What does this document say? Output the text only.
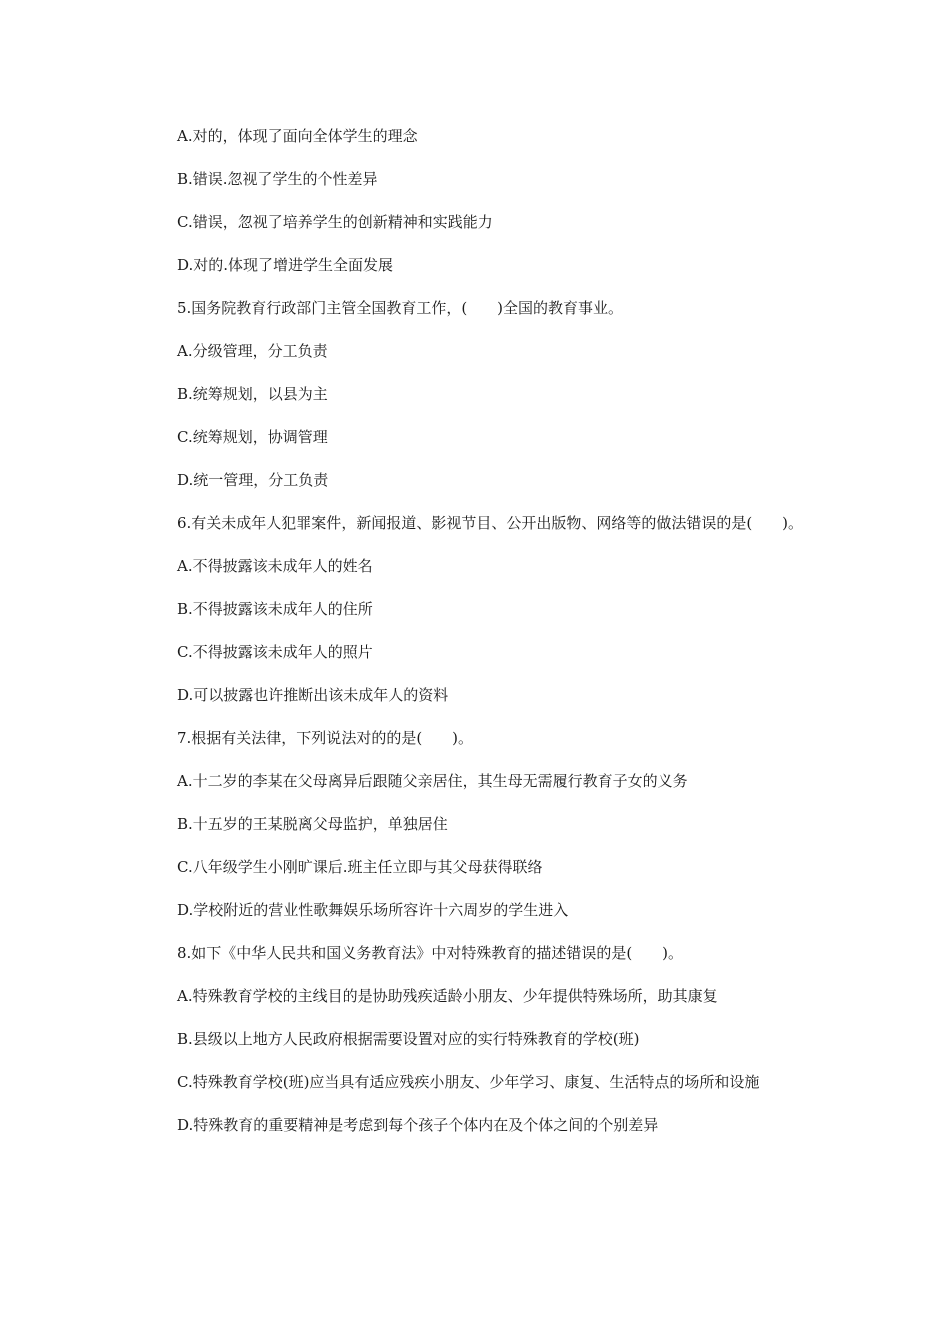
A.对的，体现了面向全体学生的理念

B.错误.忽视了学生的个性差异

C.错误，忽视了培养学生的创新精神和实践能力

D.对的.体现了增进学生全面发展

5.国务院教育行政部门主管全国教育工作，(　　)全国的教育事业。

A.分级管理，分工负责

B.统筹规划，以县为主

C.统筹规划，协调管理

D.统一管理，分工负责

6.有关未成年人犯罪案件，新闻报道、影视节目、公开出版物、网络等的做法错误的是(　　)。

A.不得披露该未成年人的姓名

B.不得披露该未成年人的住所

C.不得披露该未成年人的照片

D.可以披露也许推断出该未成年人的资料

7.根据有关法律，下列说法对的的是(　　)。

A.十二岁的李某在父母离异后跟随父亲居住，其生母无需履行教育子女的义务

B.十五岁的王某脱离父母监护，单独居住

C.八年级学生小刚旷课后.班主任立即与其父母获得联络

D.学校附近的营业性歌舞娱乐场所容许十六周岁的学生进入

8.如下《中华人民共和国义务教育法》中对特殊教育的描述错误的是(　　)。

A.特殊教育学校的主线目的是协助残疾适龄小朋友、少年提供特殊场所，助其康复

B.县级以上地方人民政府根据需要设置对应的实行特殊教育的学校(班)

C.特殊教育学校(班)应当具有适应残疾小朋友、少年学习、康复、生活特点的场所和设施

D.特殊教育的重要精神是考虑到每个孩子个体内在及个体之间的个别差异
